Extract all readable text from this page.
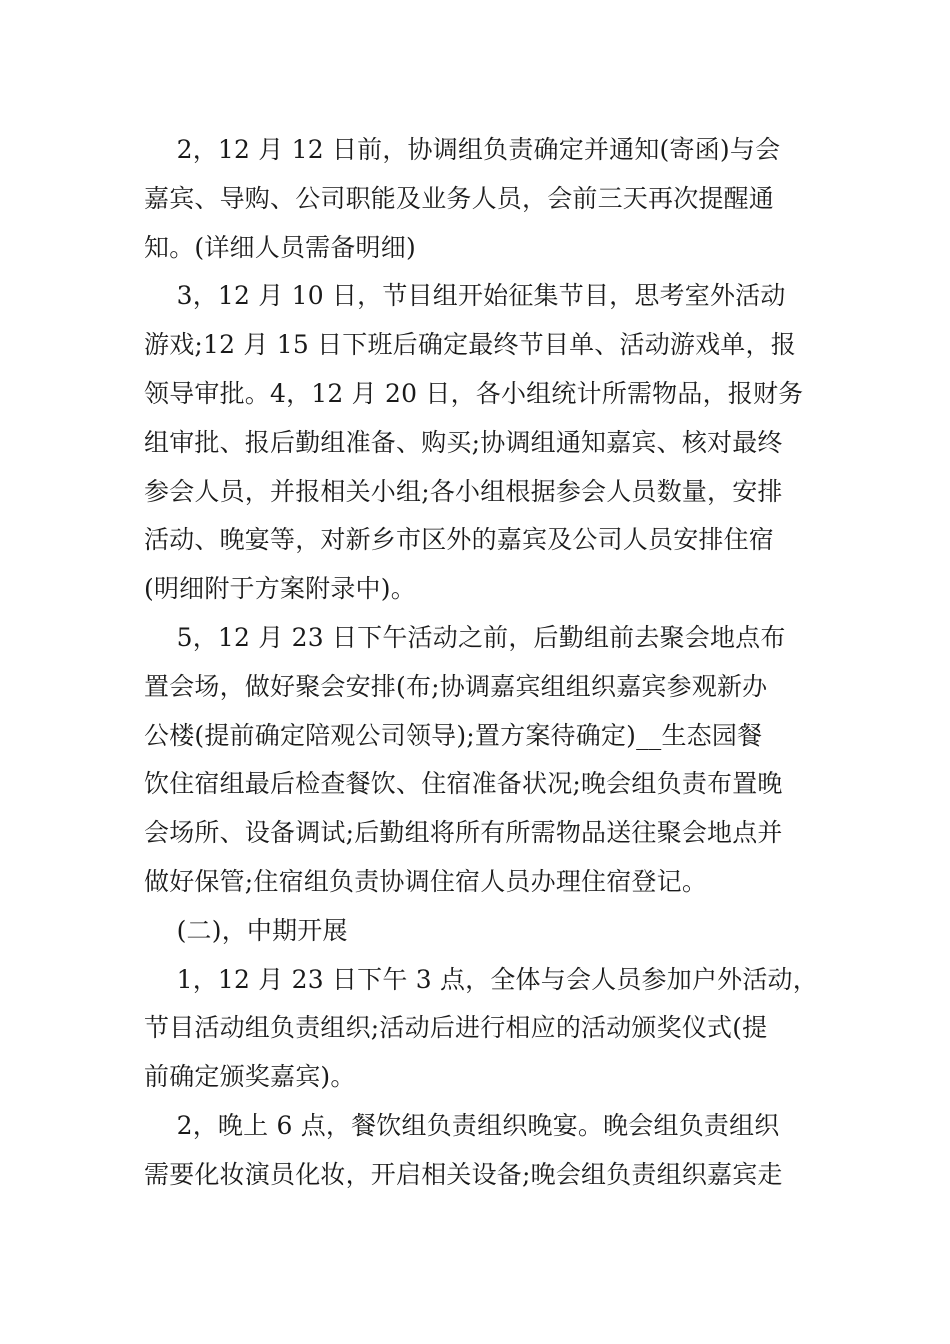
2，12 月 12 日前，协调组负责确定并通知(寄函)与会
嘉宾、导购、公司职能及业务人员，会前三天再次提醒通
知。(详细人员需备明细)
3，12 月 10 日，节目组开始征集节目，思考室外活动
游戏;12 月 15 日下班后确定最终节目单、活动游戏单，报
领导审批。4，12 月 20 日，各小组统计所需物品，报财务
组审批、报后勤组准备、购买;协调组通知嘉宾、核对最终
参会人员，并报相关小组;各小组根据参会人员数量，安排
活动、晚宴等，对新乡市区外的嘉宾及公司人员安排住宿
(明细附于方案附录中)。
5，12 月 23 日下午活动之前，后勤组前去聚会地点布
置会场，做好聚会安排(布;协调嘉宾组组织嘉宾参观新办
公楼(提前确定陪观公司领导);置方案待确定)__生态园餐
饮住宿组最后检查餐饮、住宿准备状况;晚会组负责布置晚
会场所、设备调试;后勤组将所有所需物品送往聚会地点并
做好保管;住宿组负责协调住宿人员办理住宿登记。
(二)，中期开展
1，12 月 23 日下午 3 点，全体与会人员参加户外活动，
节目活动组负责组织;活动后进行相应的活动颁奖仪式(提
前确定颁奖嘉宾)。
2，晚上 6 点，餐饮组负责组织晚宴。晚会组负责组织
需要化妆演员化妆，开启相关设备;晚会组负责组织嘉宾走
